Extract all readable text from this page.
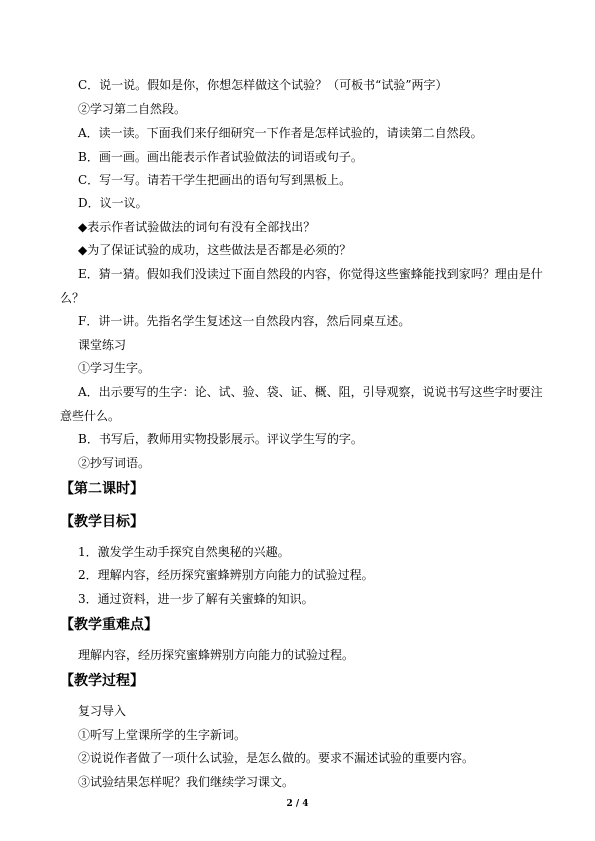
C．说一说。假如是你，你想怎样做这个试验？（可板书“试验”两字）
②学习第二自然段。
A．读一读。下面我们来仔细研究一下作者是怎样试验的，请读第二自然段。
B．画一画。画出能表示作者试验做法的词语或句子。
C．写一写。请若干学生把画出的语句写到黑板上。
D．议一议。
◆表示作者试验做法的词句有没有全部找出？
◆为了保证试验的成功，这些做法是否都是必须的？
E．猜一猜。假如我们没读过下面自然段的内容，你觉得这些蜜蜂能找到家吗？理由是什
么？
F．讲一讲。先指名学生复述这一自然段内容，然后同桌互述。
课堂练习
①学习生字。
A．出示要写的生字：论、试、验、袋、证、概、阻，引导观察，说说书写这些字时要注
意些什么。
B．书写后，教师用实物投影展示。评议学生写的字。
②抄写词语。
【第二课时】
【教学目标】
1．激发学生动手探究自然奥秘的兴趣。
2．理解内容，经历探究蜜蜂辨别方向能力的试验过程。
3．通过资料，进一步了解有关蜜蜂的知识。
【教学重难点】
理解内容，经历探究蜜蜂辨别方向能力的试验过程。
【教学过程】
复习导入
①听写上堂课所学的生字新词。
②说说作者做了一项什么试验，是怎么做的。要求不漏述试验的重要内容。
③试验结果怎样呢？我们继续学习课文。
2 / 4
